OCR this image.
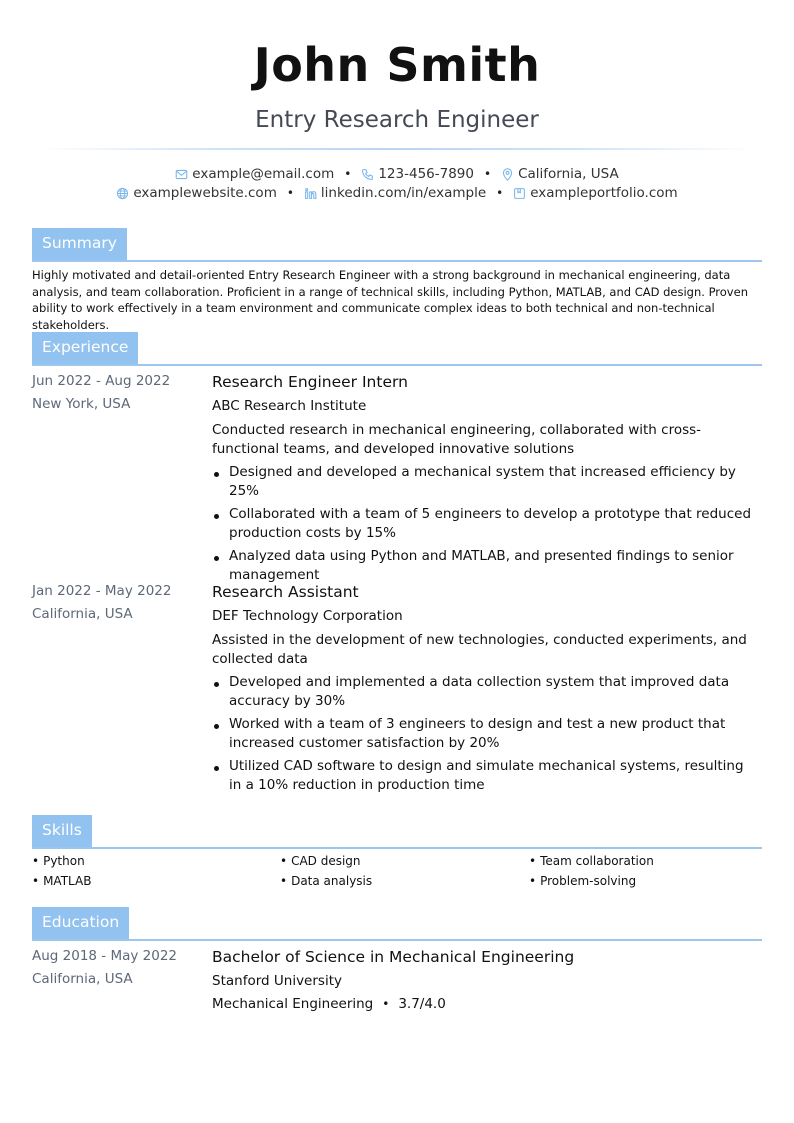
John Smith
Entry Research Engineer
example@email.com • 123-456-7890 • California, USA
examplewebsite.com • linkedin.com/in/example • exampleportfolio.com
Summary
Highly motivated and detail-oriented Entry Research Engineer with a strong background in mechanical engineering, data analysis, and team collaboration. Proficient in a range of technical skills, including Python, MATLAB, and CAD design. Proven ability to work effectively in a team environment and communicate complex ideas to both technical and non-technical stakeholders.
Experience
Jun 2022 - Aug 2022
New York, USA
Research Engineer Intern
ABC Research Institute
Conducted research in mechanical engineering, collaborated with cross-functional teams, and developed innovative solutions
Designed and developed a mechanical system that increased efficiency by 25%
Collaborated with a team of 5 engineers to develop a prototype that reduced production costs by 15%
Analyzed data using Python and MATLAB, and presented findings to senior management
Jan 2022 - May 2022
California, USA
Research Assistant
DEF Technology Corporation
Assisted in the development of new technologies, conducted experiments, and collected data
Developed and implemented a data collection system that improved data accuracy by 30%
Worked with a team of 3 engineers to design and test a new product that increased customer satisfaction by 20%
Utilized CAD software to design and simulate mechanical systems, resulting in a 10% reduction in production time
Skills
• Python	• CAD design	• Team collaboration
• MATLAB	• Data analysis	• Problem-solving
Education
Aug 2018 - May 2022
California, USA
Bachelor of Science in Mechanical Engineering
Stanford University
Mechanical Engineering • 3.7/4.0
